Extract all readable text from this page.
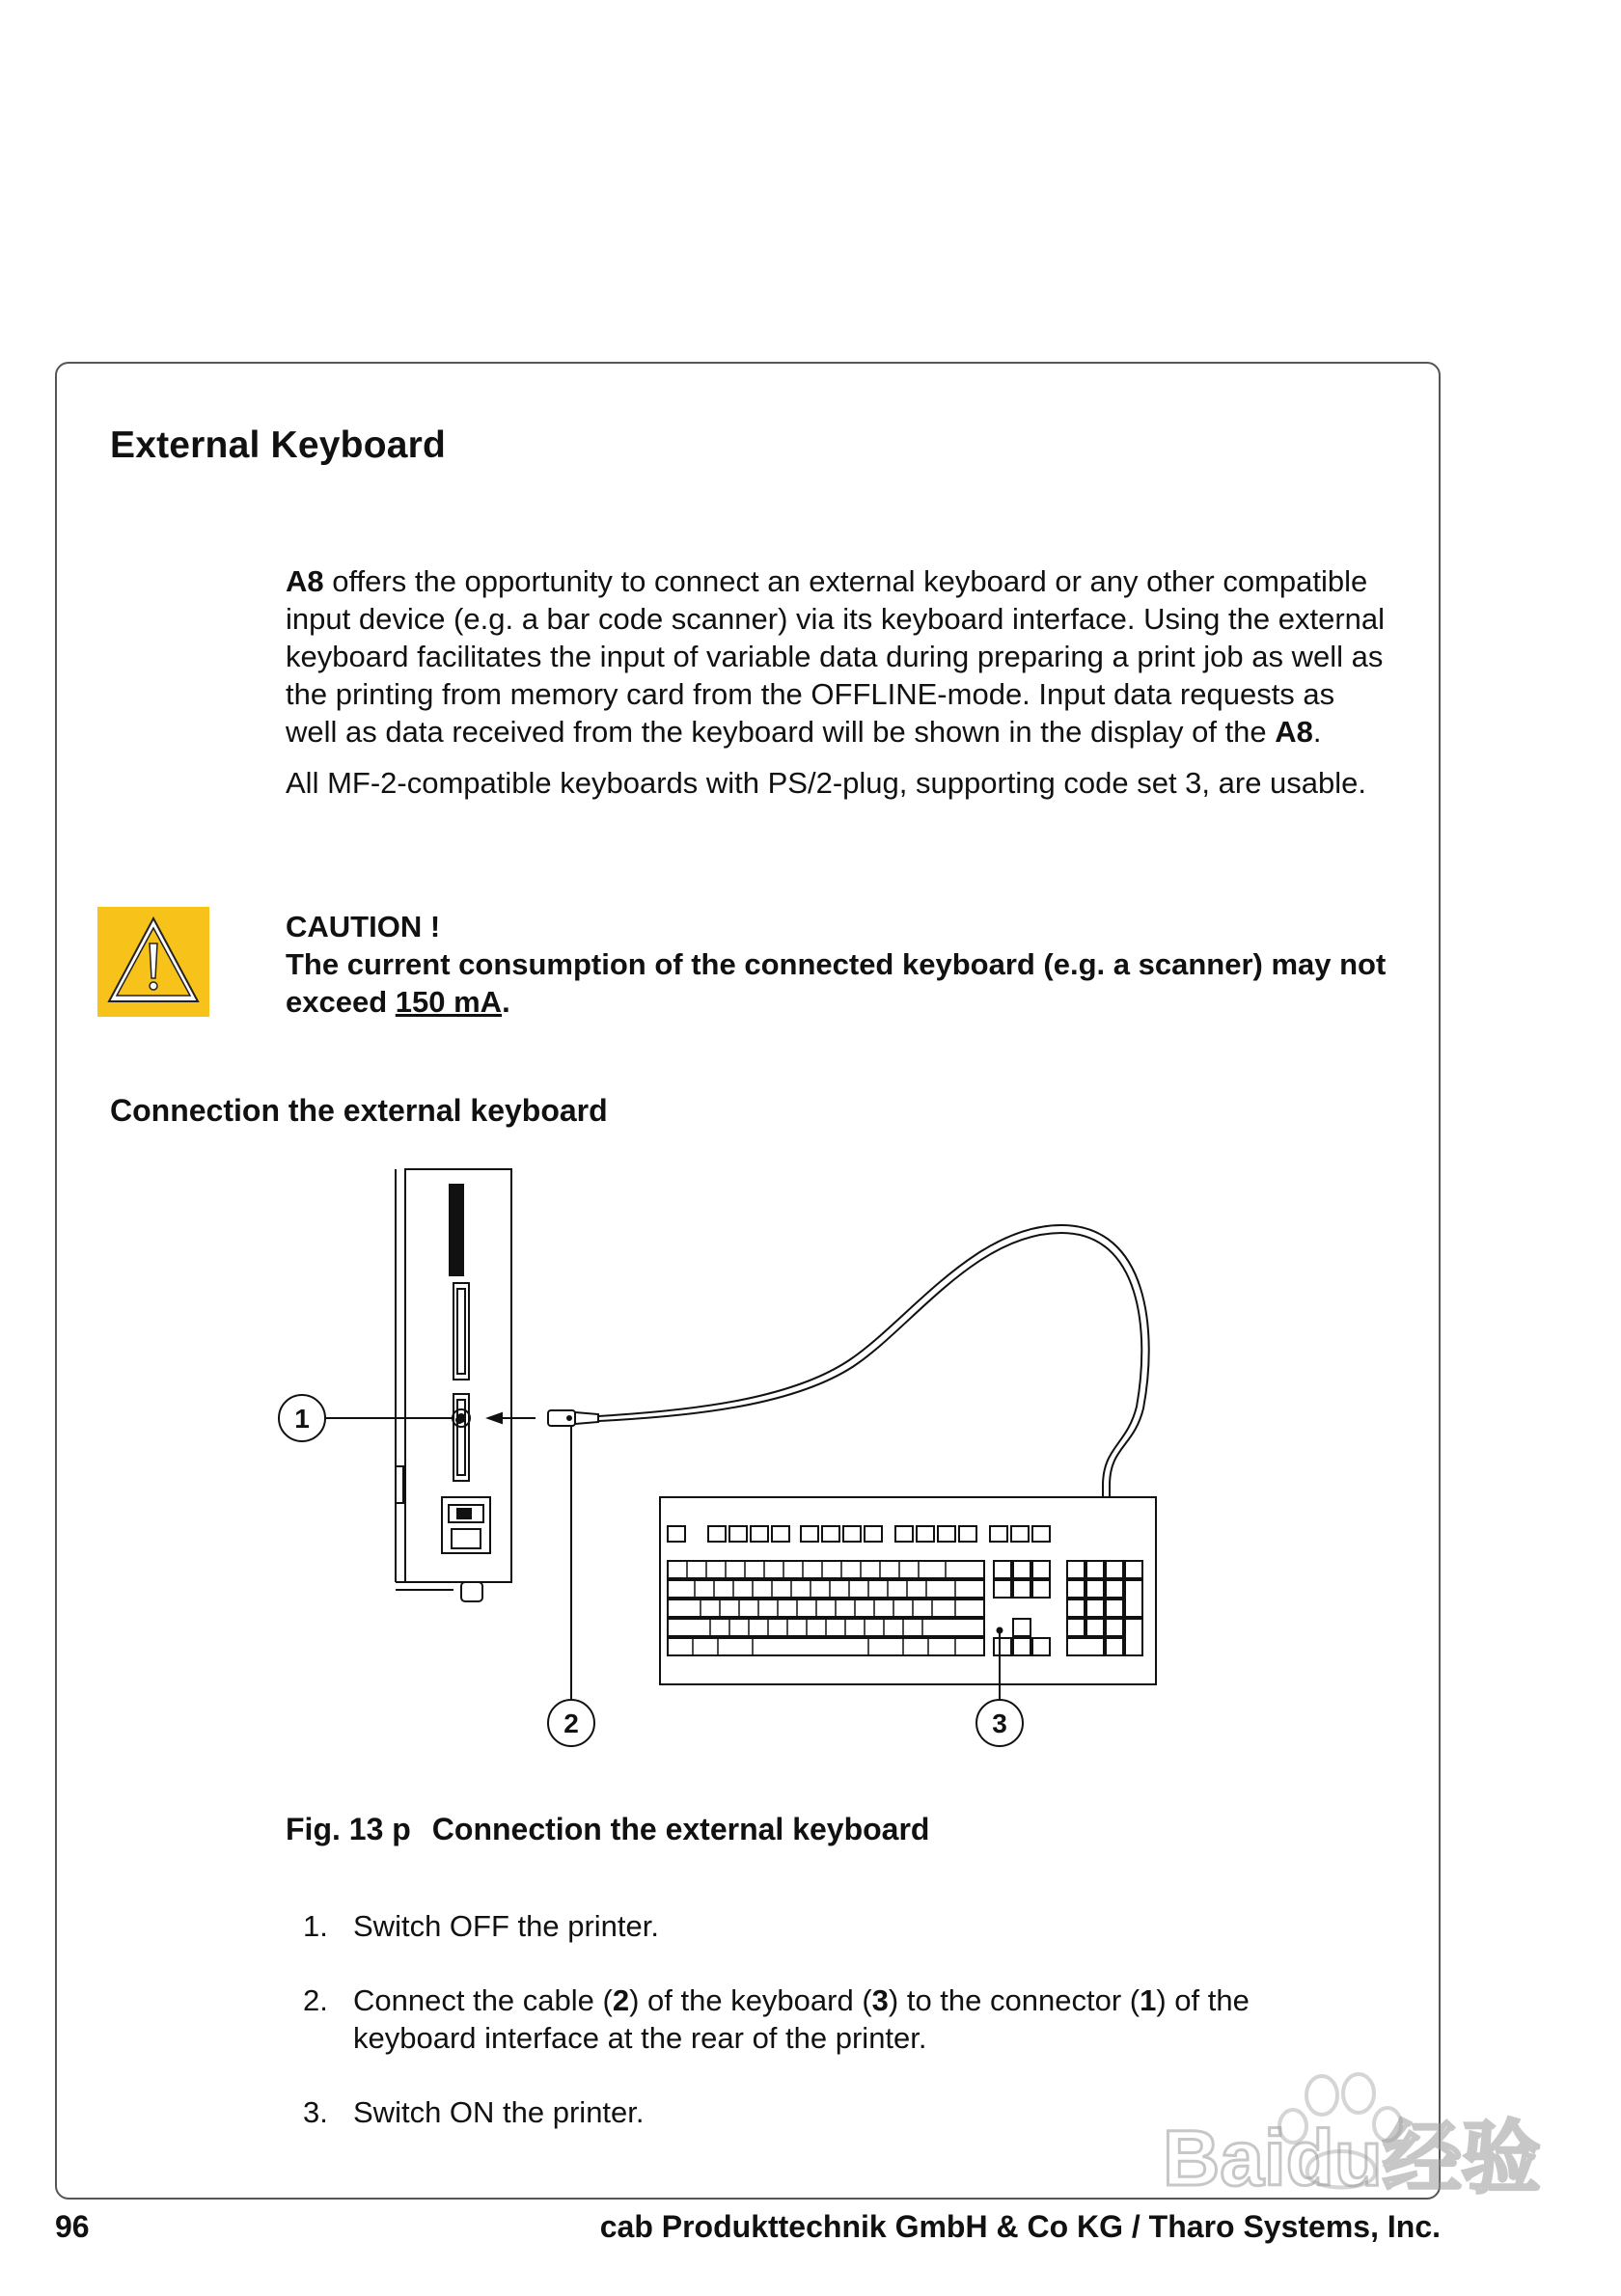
External Keyboard

A8 offers the opportunity to connect an external keyboard or any other compatible input device (e.g. a bar code scanner) via its keyboard interface. Using the external keyboard facilitates the input of variable data during preparing a print job as well as the printing from memory card from the OFFLINE-mode. Input data requests as well as data received from the keyboard will be shown in the display of the A8.

All MF-2-compatible keyboards with PS/2-plug, supporting code set 3, are usable.

CAUTION !
The current consumption of the connected keyboard (e.g. a scanner) may not exceed 150 mA.
Connection the external keyboard
1
2	3
Fig. 13 p Connection the external keyboard
1. Switch OFF the printer.
2. Connect the cable (2) of the keyboard (3) to the connector (1) of the keyboard interface at the rear of the printer.
3. Switch ON the printer.
Baidu经验
96	cab Produkttechnik GmbH & Co KG / Tharo Systems, Inc.
